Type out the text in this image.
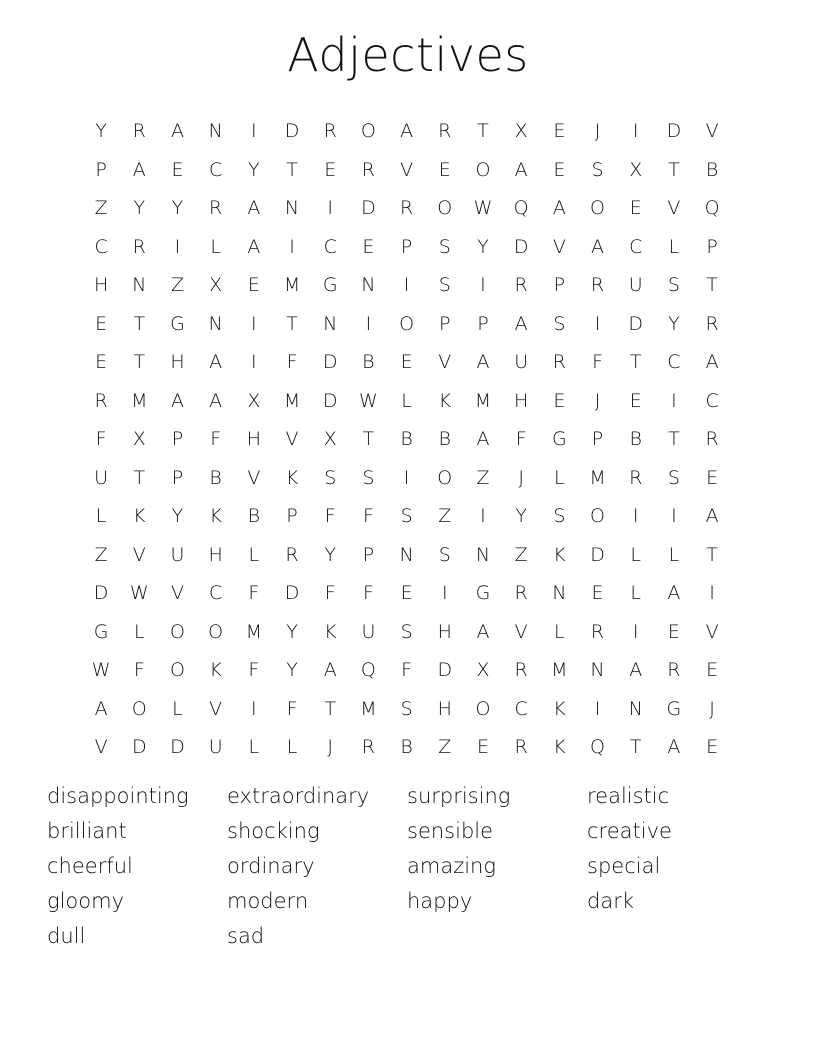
Adjectives
Y	R	A	N	I	D	R	O	A	R	T	X	E	J	I	D	V
P	A	E	C	Y	T	E	R	V	E	O	A	E	S	X	T	B
Z	Y	Y	R	A	N	I	D	R	O	W	Q	A	O	E	V	Q
C	R	I	L	A	I	C	E	P	S	Y	D	V	A	C	L	P
H	N	Z	X	E	M	G	N	I	S	I	R	P	R	U	S	T
E	T	G	N	I	T	N	I	O	P	P	A	S	I	D	Y	R
E	T	H	A	I	F	D	B	E	V	A	U	R	F	T	C	A
R	M	A	A	X	M	D	W	L	K	M	H	E	J	E	I	C
F	X	P	F	H	V	X	T	B	B	A	F	G	P	B	T	R
U	T	P	B	V	K	S	S	I	O	Z	J	L	M	R	S	E
L	K	Y	K	B	P	F	F	S	Z	I	Y	S	O	I	I	A
Z	V	U	H	L	R	Y	P	N	S	N	Z	K	D	L	L	T
D	W	V	C	F	D	F	F	E	I	G	R	N	E	L	A	I
G	L	O	O	M	Y	K	U	S	H	A	V	L	R	I	E	V
W	F	O	K	F	Y	A	Q	F	D	X	R	M	N	A	R	E
A	O	L	V	I	F	T	M	S	H	O	C	K	I	N	G	J
V	D	D	U	L	L	J	R	B	Z	E	R	K	Q	T	A	E
disappointing	extraordinary	surprising	realistic
brilliant	shocking	sensible	creative
cheerful	ordinary	amazing	special
gloomy	modern	happy	dark
dull	sad
